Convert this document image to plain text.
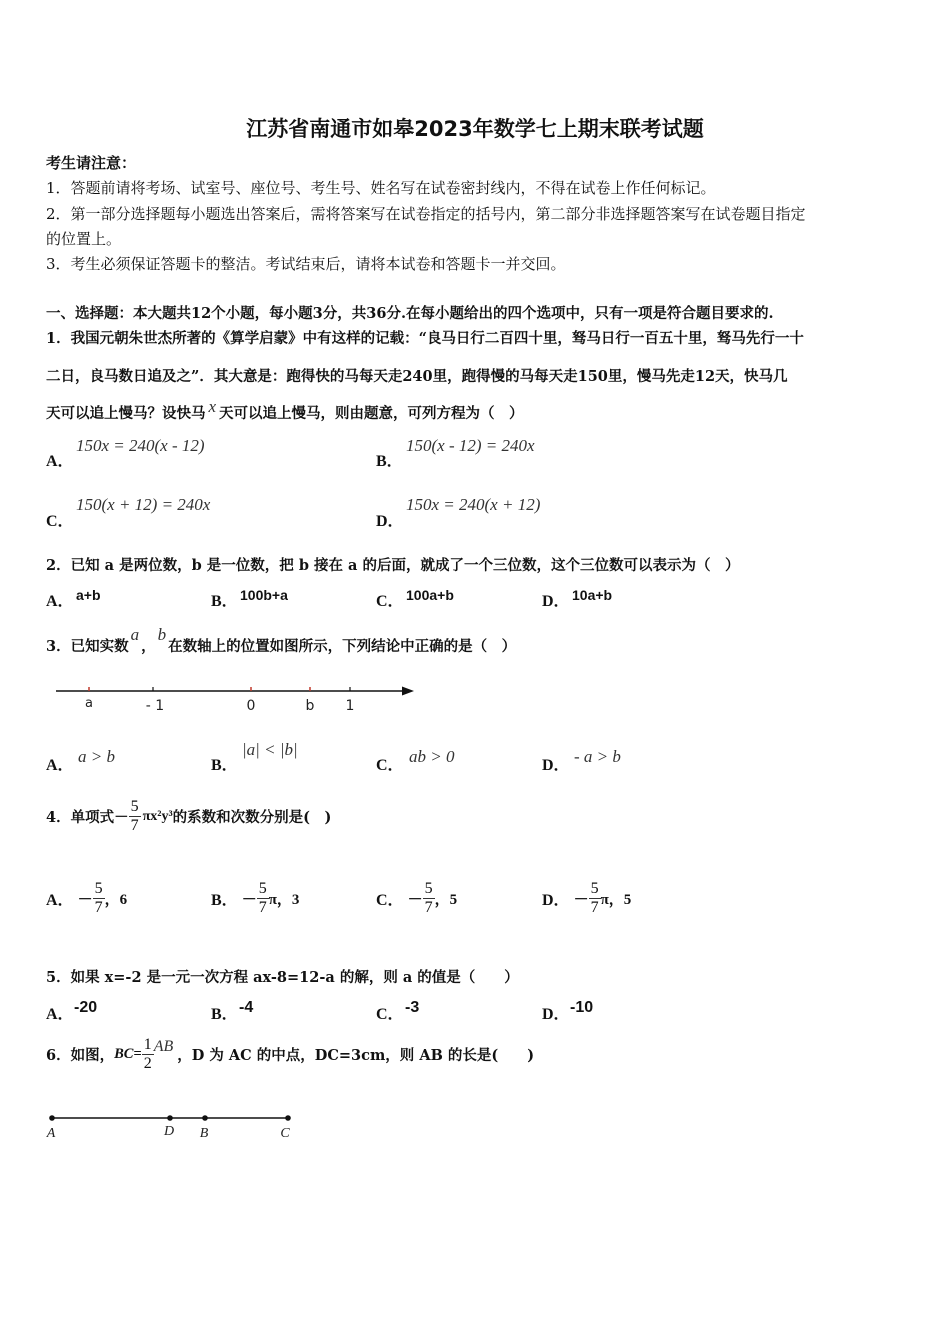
江苏省南通市如皋2023年数学七上期末联考试题
考生请注意：
1．答题前请将考场、试室号、座位号、考生号、姓名写在试卷密封线内，不得在试卷上作任何标记。
2．第一部分选择题每小题选出答案后，需将答案写在试卷指定的括号内，第二部分非选择题答案写在试卷题目指定
的位置上。
3．考生必须保证答题卡的整洁。考试结束后，请将本试卷和答题卡一并交回。
一、选择题：本大题共12个小题，每小题3分，共36分.在每小题给出的四个选项中，只有一项是符合题目要求的.
1．我国元朝朱世杰所著的《算学启蒙》中有这样的记载：“良马日行二百四十里，驽马日行一百五十里，驽马先行一十
二日，良马数日追及之”．其大意是：跑得快的马每天走240里，跑得慢的马每天走150里，慢马先走12天，快马几
天可以追上慢马？设快马 x 天可以追上慢马，则由题意，可列方程为（　）
A．
150x = 240(x - 12)
B．
150(x - 12) = 240x
C．
150(x + 12) = 240x
D．
150x = 240(x + 12)
2．已知 a 是两位数，b 是一位数，把 b 接在 a 的后面，就成了一个三位数，这个三位数可以表示为（　）
A． a+b	B． 100b+a	C． 100a+b	D． 10a+b
3．已知实数a，b在数轴上的位置如图所示，下列结论中正确的是（　）
a	- 1	0	b 1
A． a > b	B．
|a| < |b|
C． ab > 0	D． - a > b
4．单项式－ $\frac{5}{7} \pi x^2y^3$ 的系数和次数分别是(　)
A． － $\frac{5}{7}$ ，6	B． － $\frac{5}{7}$ π，3	C． － $\frac{5}{7}$ ，5	D． － $\frac{5}{7}$ π，5
5．如果 x=-2 是一元一次方程 ax-8=12-a 的解，则 a 的值是（　　）
A． -20	B． -4	C． -3	D． -10
6．如图， $BC= \frac{1}{2}$ AB
，D 为 AC 的中点，DC=3cm，则 AB 的长是(　　)
A	D B	C
